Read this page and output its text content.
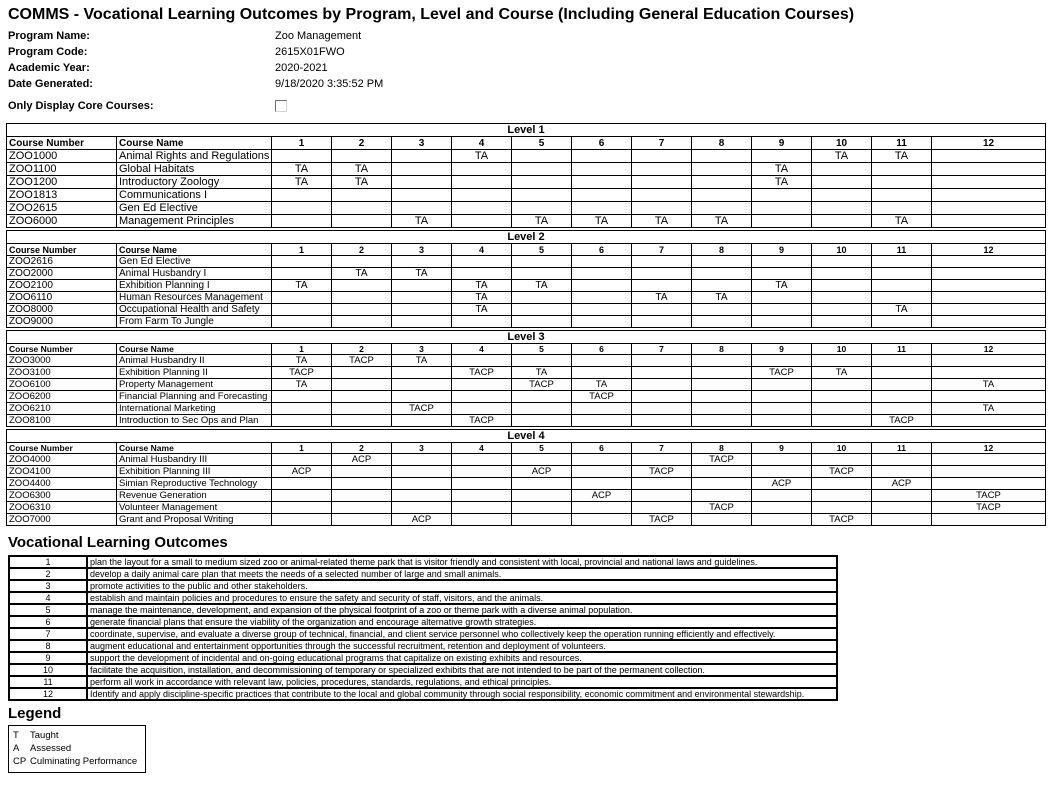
COMMS - Vocational Learning Outcomes by Program, Level and Course (Including General Education Courses)
Program Name:	Zoo Management
Program Code:	2615X01FWO
Academic Year:	2020-2021
Date Generated:	9/18/2020 3:35:52 PM
Only Display Core Courses:
Level 1													
Course Number	Course Name	1	2	3	4	5	6	7	8	9	10	11	12
ZOO1000	Animal Rights and Regulations				TA						TA	TA	
ZOO1100	Global Habitats	TA	TA							TA			
ZOO1200	Introductory Zoology	TA	TA							TA			
ZOO1813	Communications I												
ZOO2615	Gen Ed Elective												
ZOO6000	Management Principles			TA		TA	TA	TA	TA			TA	
Level 2													
Course Number	Course Name	1	2	3	4	5	6	7	8	9	10	11	12
ZOO2616	Gen Ed Elective												
ZOO2000	Animal Husbandry I		TA	TA									
ZOO2100	Exhibition Planning I	TA			TA	TA				TA			
ZOO6110	Human Resources Management				TA			TA	TA				
ZOO8000	Occupational Health and Safety				TA							TA	
ZOO9000	From Farm To Jungle												
Level 3													
Course Number	Course Name	1	2	3	4	5	6	7	8	9	10	11	12
ZOO3000	Animal Husbandry II	TA	TACP	TA									
ZOO3100	Exhibition Planning II	TACP			TACP	TA				TACP	TA		
ZOO6100	Property Management	TA				TACP	TA						TA
ZOO6200	Financial Planning and Forecasting						TACP						
ZOO6210	International Marketing			TACP									TA
ZOO8100	Introduction to Sec Ops and Plan				TACP							TACP	
Level 4													
Course Number	Course Name	1	2	3	4	5	6	7	8	9	10	11	12
ZOO4000	Animal Husbandry III		ACP						TACP				
ZOO4100	Exhibition Planning III	ACP				ACP		TACP			TACP		
ZOO4400	Simian Reproductive Technology									ACP		ACP	
ZOO6300	Revenue Generation						ACP						TACP
ZOO6310	Volunteer Management								TACP				TACP
ZOO7000	Grant and Proposal Writing			ACP				TACP			TACP		
Vocational Learning Outcomes
1	plan the layout for a small to medium sized zoo or animal-related theme park that is visitor friendly and consistent with local, provincial and national laws and guidelines.
2	develop a daily animal care plan that meets the needs of a selected number of large and small animals.
3	promote activities to the public and other stakeholders.
4	establish and maintain policies and procedures to ensure the safety and security of staff, visitors, and the animals.
5	manage the maintenance, development, and expansion of the physical footprint of a zoo or theme park with a diverse animal population.
6	generate financial plans that ensure the viability of the organization and encourage alternative growth strategies.
7	coordinate, supervise, and evaluate a diverse group of technical, financial, and client service personnel who collectively keep the operation running efficiently and effectively.
8	augment educational and entertainment opportunities through the successful recruitment, retention and deployment of volunteers.
9	support the development of incidental and on-going educational programs that capitalize on existing exhibits and resources.
10	facilitate the acquisition, installation, and decommissioning of temporary or specialized exhibits that are not intended to be part of the permanent collection.
11	perform all work in accordance with relevant law, policies, procedures, standards, regulations, and ethical principles.
12	Identify and apply discipline-specific practices that contribute to the local and global community through social responsibility, economic commitment and environmental stewardship.
Legend
T	Taught
A	Assessed
CP Culminating Performance
